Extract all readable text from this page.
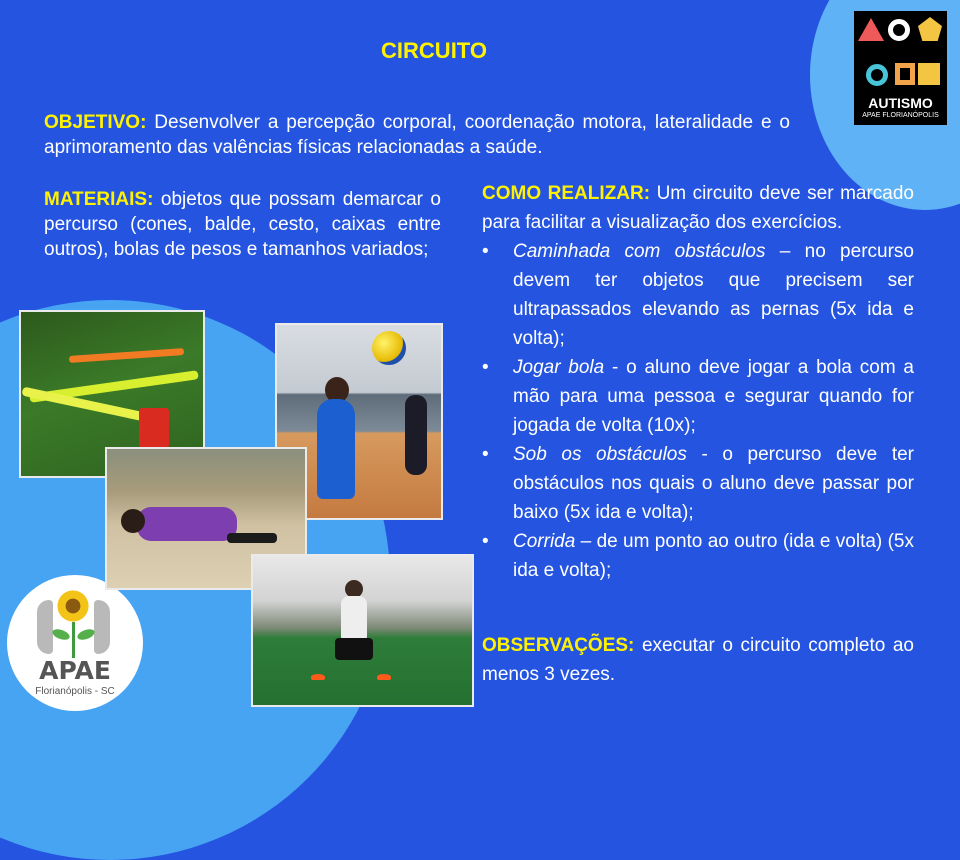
CIRCUITO
OBJETIVO: Desenvolver a percepção corporal, coordenação motora, lateralidade e o aprimoramento das valências físicas relacionadas a saúde.
MATERIAIS: objetos que possam demarcar o percurso (cones, balde, cesto, caixas entre outros), bolas de pesos e tamanhos variados;
COMO REALIZAR: Um circuito deve ser marcado para facilitar a visualização dos exercícios.
• Caminhada com obstáculos – no percurso devem ter objetos que precisem ser ultrapassados elevando as pernas (5x ida e volta);
• Jogar bola - o aluno deve jogar a bola com a mão para uma pessoa e segurar quando for jogada de volta (10x);
• Sob os obstáculos - o percurso deve ter obstáculos nos quais o aluno deve passar por baixo (5x ida e volta);
• Corrida – de um ponto ao outro (ida e volta) (5x ida e volta);
OBSERVAÇÕES: executar o circuito completo ao menos 3 vezes.
AUTISMO
APAE FLORIANÓPOLIS
APAE
Florianópolis - SC
